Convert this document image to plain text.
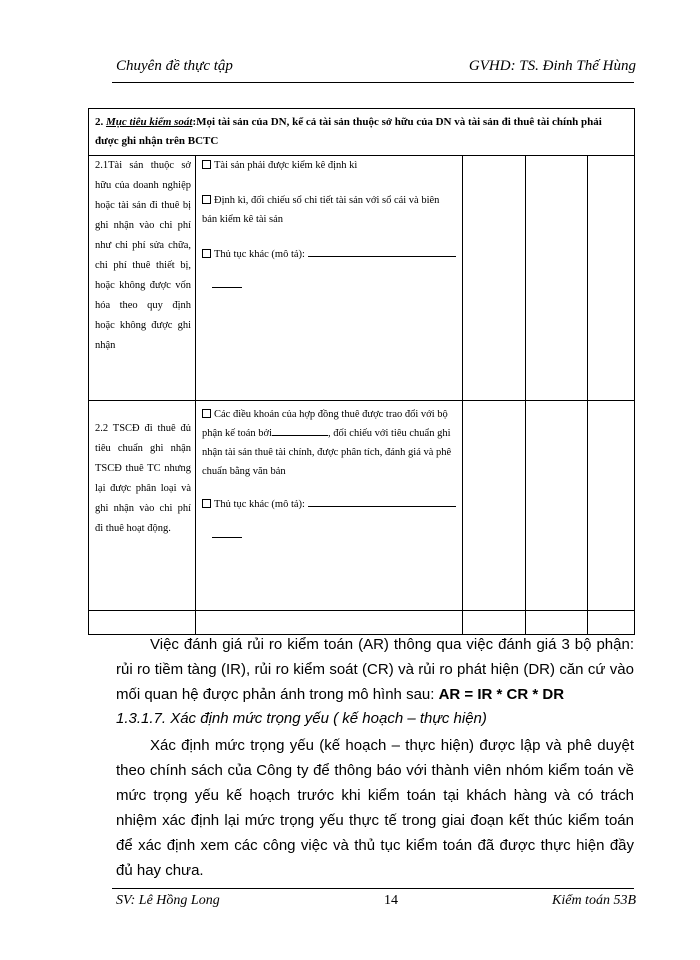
Chuyên đề thực tập	GVHD: TS. Đinh Thế Hùng
2. Mục tiêu kiểm soát:Mọi tài sản của DN, kể cả tài sản thuộc sở hữu của DN và tài sản đi thuê tài chính phải được ghi nhận trên BCTC				
2.1Tài sản thuộc sở hữu của doanh nghiệp hoặc tài sản đi thuê bị ghi nhận vào chi phí như chi phí sửa chữa, chi phí thuê thiết bị, hoặc không được vốn hóa theo quy định hoặc không được ghi nhận	Tài sản phải được kiểm kê định kì
Định kì, đối chiếu sổ chi tiết tài sản với sổ cái và biên bản kiểm kê tài sản
Thủ tục khác (mô tả):			

2.2 TSCĐ đi thuê đủ tiêu chuẩn ghi nhận TSCĐ thuê TC nhưng lại được phân loại và ghi nhận vào chi phí đi thuê hoạt động.	Các điều khoản của hợp đồng thuê được trao đổi với bộ phận kế toán bởi , đối chiếu với tiêu chuẩn ghi nhận tài sản thuê tài chính, được phân tích, đánh giá và phê chuẩn bằng văn bản
Thủ tục khác (mô tả):			

Việc đánh giá rủi ro kiểm toán (AR) thông qua việc đánh giá 3 bộ phận: rủi ro tiềm tàng (IR), rủi ro kiểm soát (CR) và rủi ro phát hiện (DR) căn cứ vào mối quan hệ được phản ánh trong mô hình sau: AR = IR * CR * DR
1.3.1.7. Xác định mức trọng yếu ( kế hoạch – thực hiện)
Xác định mức trọng yếu (kế hoạch – thực hiện) được lập và phê duyệt theo chính sách của Công ty để thông báo với thành viên nhóm kiểm toán về mức trọng yếu kế hoạch trước khi kiểm toán tại khách hàng và có trách nhiệm xác định lại mức trọng yếu thực tế trong giai đoạn kết thúc kiểm toán để xác định xem các công việc và thủ tục kiểm toán đã được thực hiện đầy đủ hay chưa.
SV: Lê Hồng Long	14	Kiểm toán 53B
